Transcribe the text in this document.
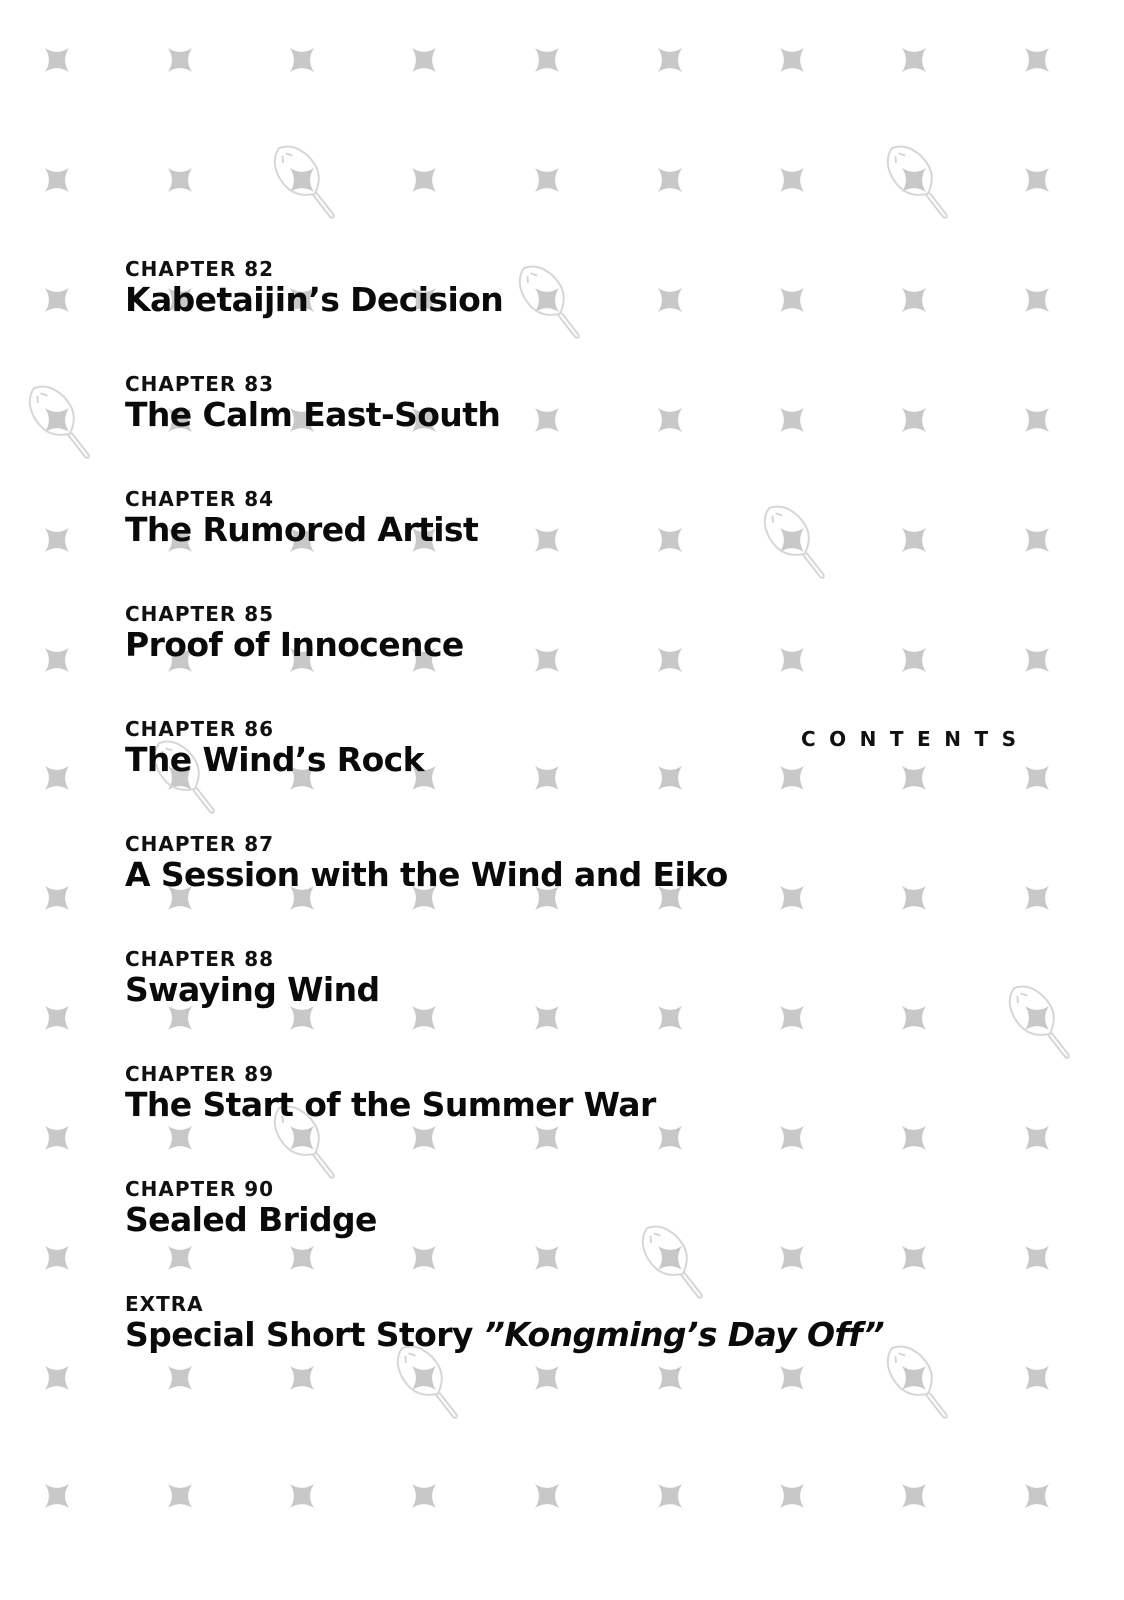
CONTENTS
CHAPTER 82
Kabetaijin’s Decision
CHAPTER 83
The Calm East-South
CHAPTER 84
The Rumored Artist
CHAPTER 85
Proof of Innocence
CHAPTER 86
The Wind’s Rock
CHAPTER 87
A Session with the Wind and Eiko
CHAPTER 88
Swaying Wind
CHAPTER 89
The Start of the Summer War
CHAPTER 90
Sealed Bridge
EXTRA
Special Short Story ”Kongming’s Day Off”
